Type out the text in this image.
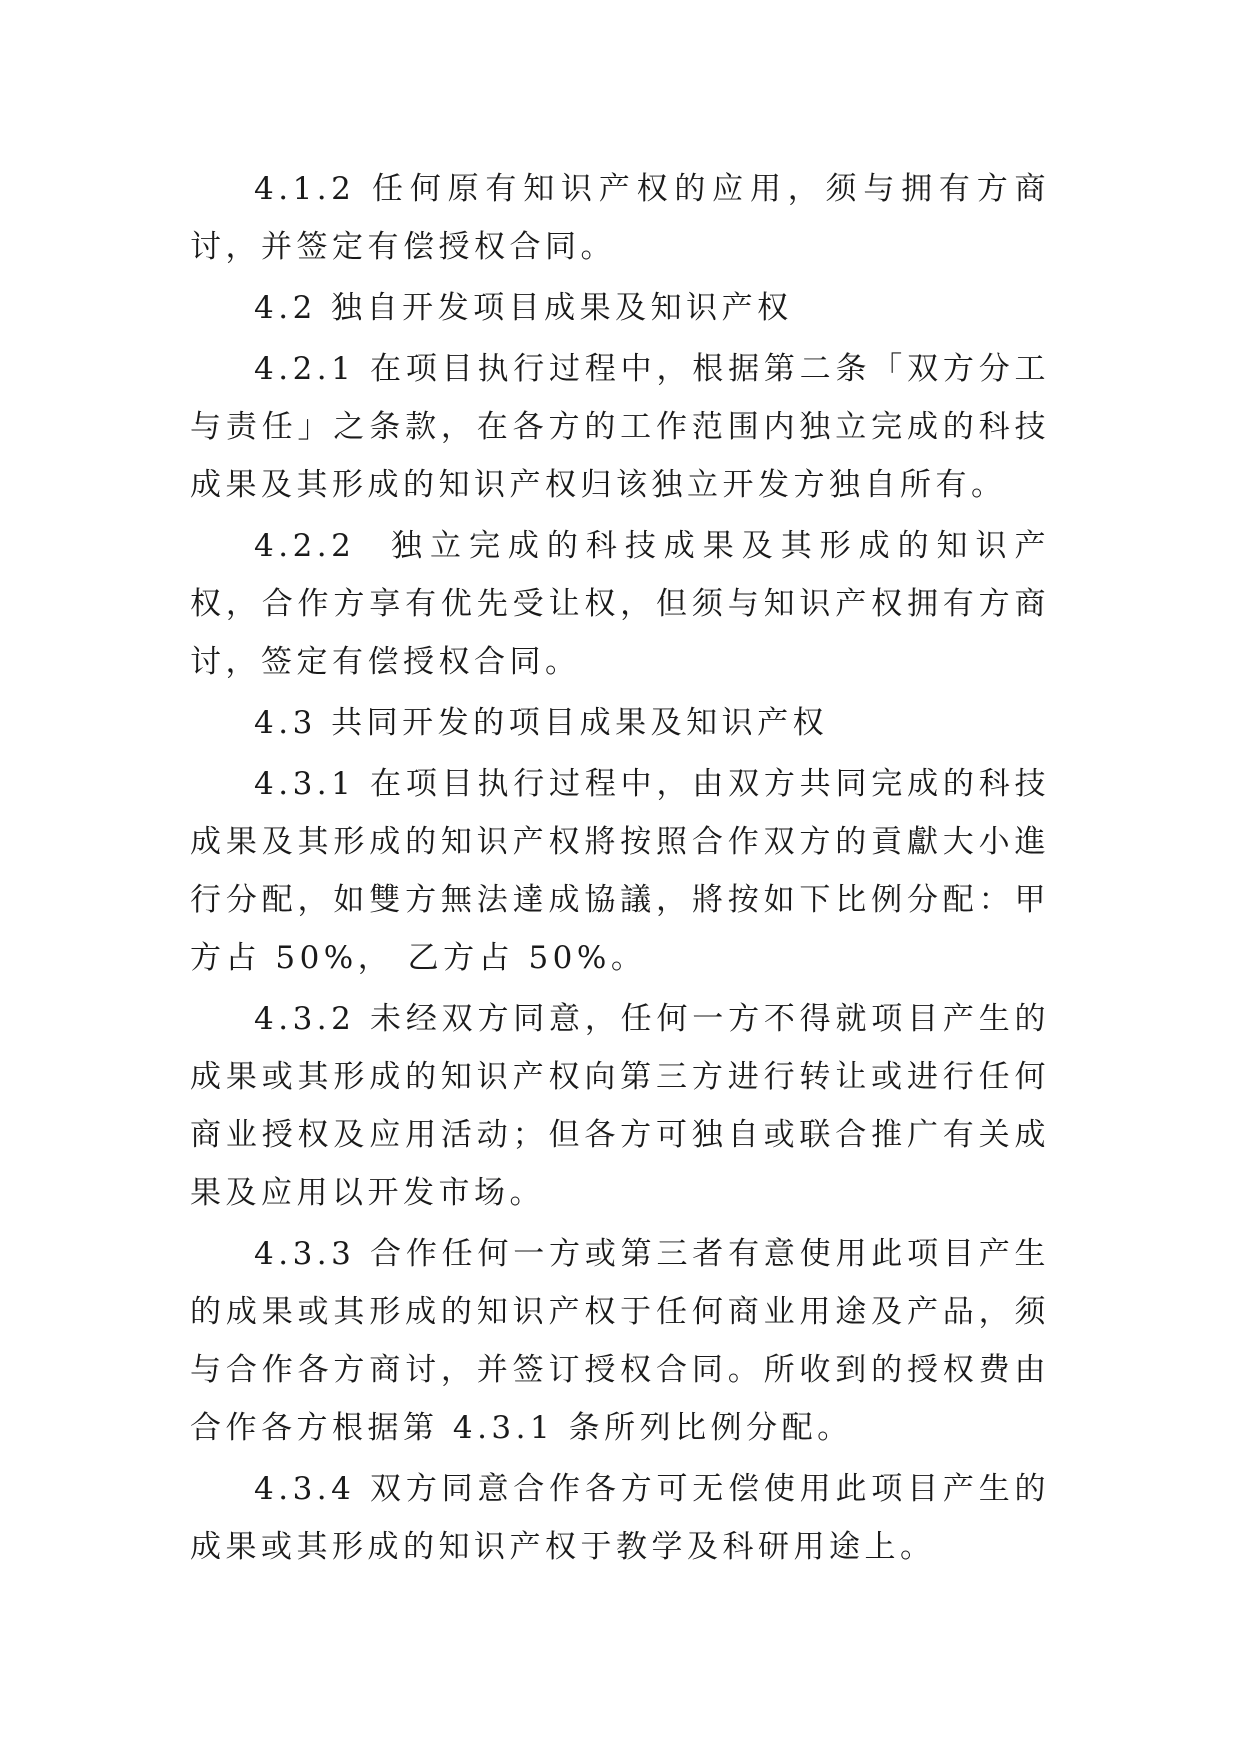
4.1.2 任何原有知识产权的应用，须与拥有方商讨，并签定有偿授权合同。

4.2 独自开发项目成果及知识产权

4.2.1 在项目执行过程中，根据第二条「双方分工与责任」之条款，在各方的工作范围内独立完成的科技成果及其形成的知识产权归该独立开发方独自所有。

4.2.2  独立完成的科技成果及其形成的知识产权，合作方享有优先受让权，但须与知识产权拥有方商讨，签定有偿授权合同。

4.3 共同开发的项目成果及知识产权

4.3.1 在项目执行过程中，由双方共同完成的科技成果及其形成的知识产权將按照合作双方的貢獻大小進行分配，如雙方無法達成協議，將按如下比例分配：甲方占 50%， 乙方占 50%。

4.3.2 未经双方同意，任何一方不得就项目产生的成果或其形成的知识产权向第三方进行转让或进行任何商业授权及应用活动；但各方可独自或联合推广有关成果及应用以开发市场。

4.3.3 合作任何一方或第三者有意使用此项目产生的成果或其形成的知识产权于任何商业用途及产品，须与合作各方商讨，并签订授权合同。所收到的授权费由合作各方根据第 4.3.1 条所列比例分配。

4.3.4 双方同意合作各方可无偿使用此项目产生的成果或其形成的知识产权于教学及科研用途上。
